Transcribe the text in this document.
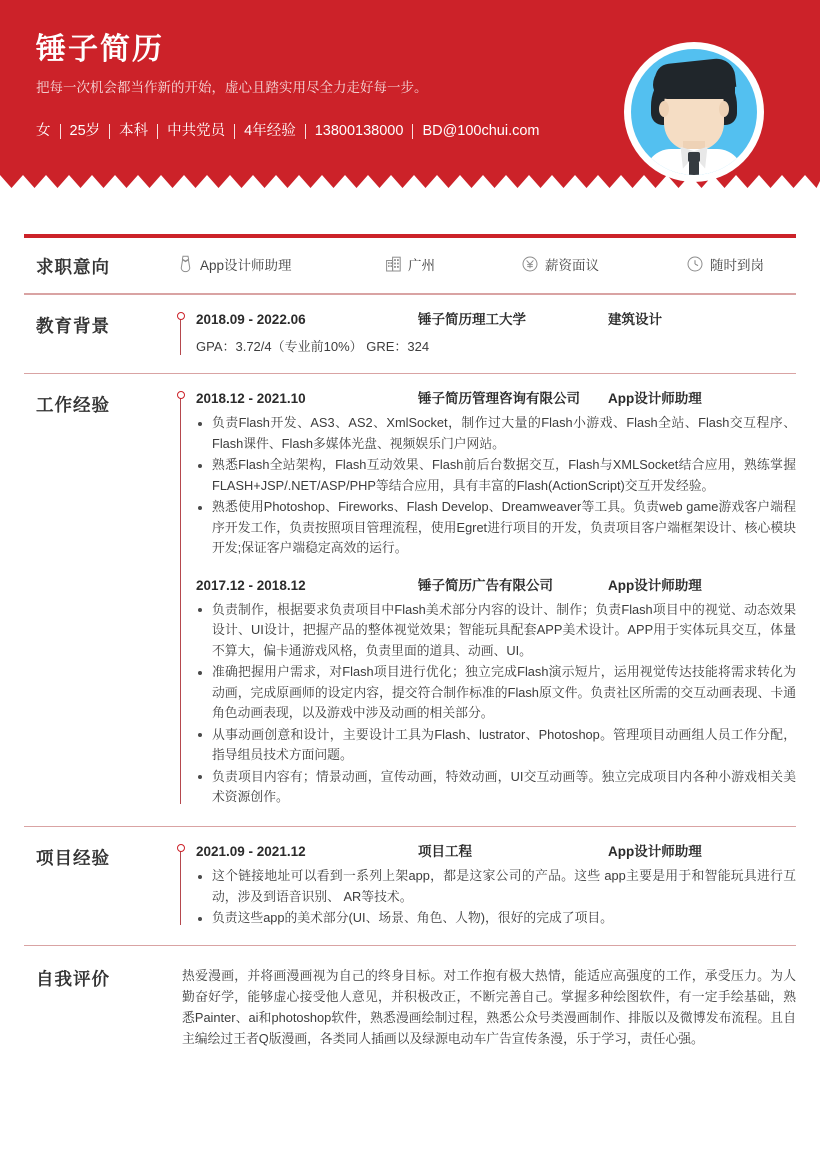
锤子简历
把每一次机会都当作新的开始，虚心且踏实用尽全力走好每一步。
女 25岁 本科 中共党员 4年经验 13800138000 BD@100chui.com
求职意向	App设计师助理	广州	薪资面议	随时到岗
教育背景	2018.09 - 2022.06	锤子简历理工大学	建筑设计
GPA：3.72/4（专业前10%） GRE：324
工作经验	2018.12 - 2021.10	锤子简历管理咨询有限公司	App设计师助理
负责Flash开发、AS3、AS2、XmlSocket，制作过大量的Flash小游戏、Flash全站、Flash交互程序、Flash课件、Flash多媒体光盘、视频娱乐门户网站。
熟悉Flash全站架构，Flash互动效果、Flash前后台数据交互，Flash与XMLSocket结合应用，熟练掌握FLASH+JSP/.NET/ASP/PHP等结合应用，具有丰富的Flash(ActionScript)交互开发经验。
熟悉使用Photoshop、Fireworks、Flash Develop、Dreamweaver等工具。负责web game游戏客户端程序开发工作，负责按照项目管理流程，使用Egret进行项目的开发，负责项目客户端框架设计、核心模块开发;保证客户端稳定高效的运行。
2017.12 - 2018.12	锤子简历广告有限公司	App设计师助理
负责制作，根据要求负责项目中Flash美术部分内容的设计、制作；负责Flash项目中的视觉、动态效果设计、UI设计，把握产品的整体视觉效果；智能玩具配套APP美术设计。APP用于实体玩具交互，体量不算大，偏卡通游戏风格，负责里面的道具、动画、UI。
准确把握用户需求，对Flash项目进行优化；独立完成Flash演示短片，运用视觉传达技能将需求转化为动画，完成原画师的设定内容，提交符合制作标准的Flash原文件。负责社区所需的交互动画表现、卡通角色动画表现，以及游戏中涉及动画的相关部分。
从事动画创意和设计，主要设计工具为Flash、lustrator、Photoshop。管理项目动画组人员工作分配，指导组员技术方面问题。
负责项目内容有；情景动画，宣传动画，特效动画，UI交互动画等。独立完成项目内各种小游戏相关美术资源创作。
项目经验	2021.09 - 2021.12	项目工程	App设计师助理
这个链接地址可以看到一系列上架app，都是这家公司的产品。这些 app主要是用于和智能玩具进行互动，涉及到语音识别、 AR等技术。
负责这些app的美术部分(UI、场景、角色、人物)，很好的完成了项目。
自我评价	热爱漫画，并将画漫画视为自己的终身目标。对工作抱有极大热情，能适应高强度的工作，承受压力。为人勤奋好学，能够虚心接受他人意见，并积极改正，不断完善自己。掌握多种绘图软件，有一定手绘基础，熟悉Painter、ai和photoshop软件，熟悉漫画绘制过程，熟悉公众号类漫画制作、排版以及微博发布流程。且自主编绘过王者Q版漫画，各类同人插画以及绿源电动车广告宣传条漫，乐于学习，责任心强。
